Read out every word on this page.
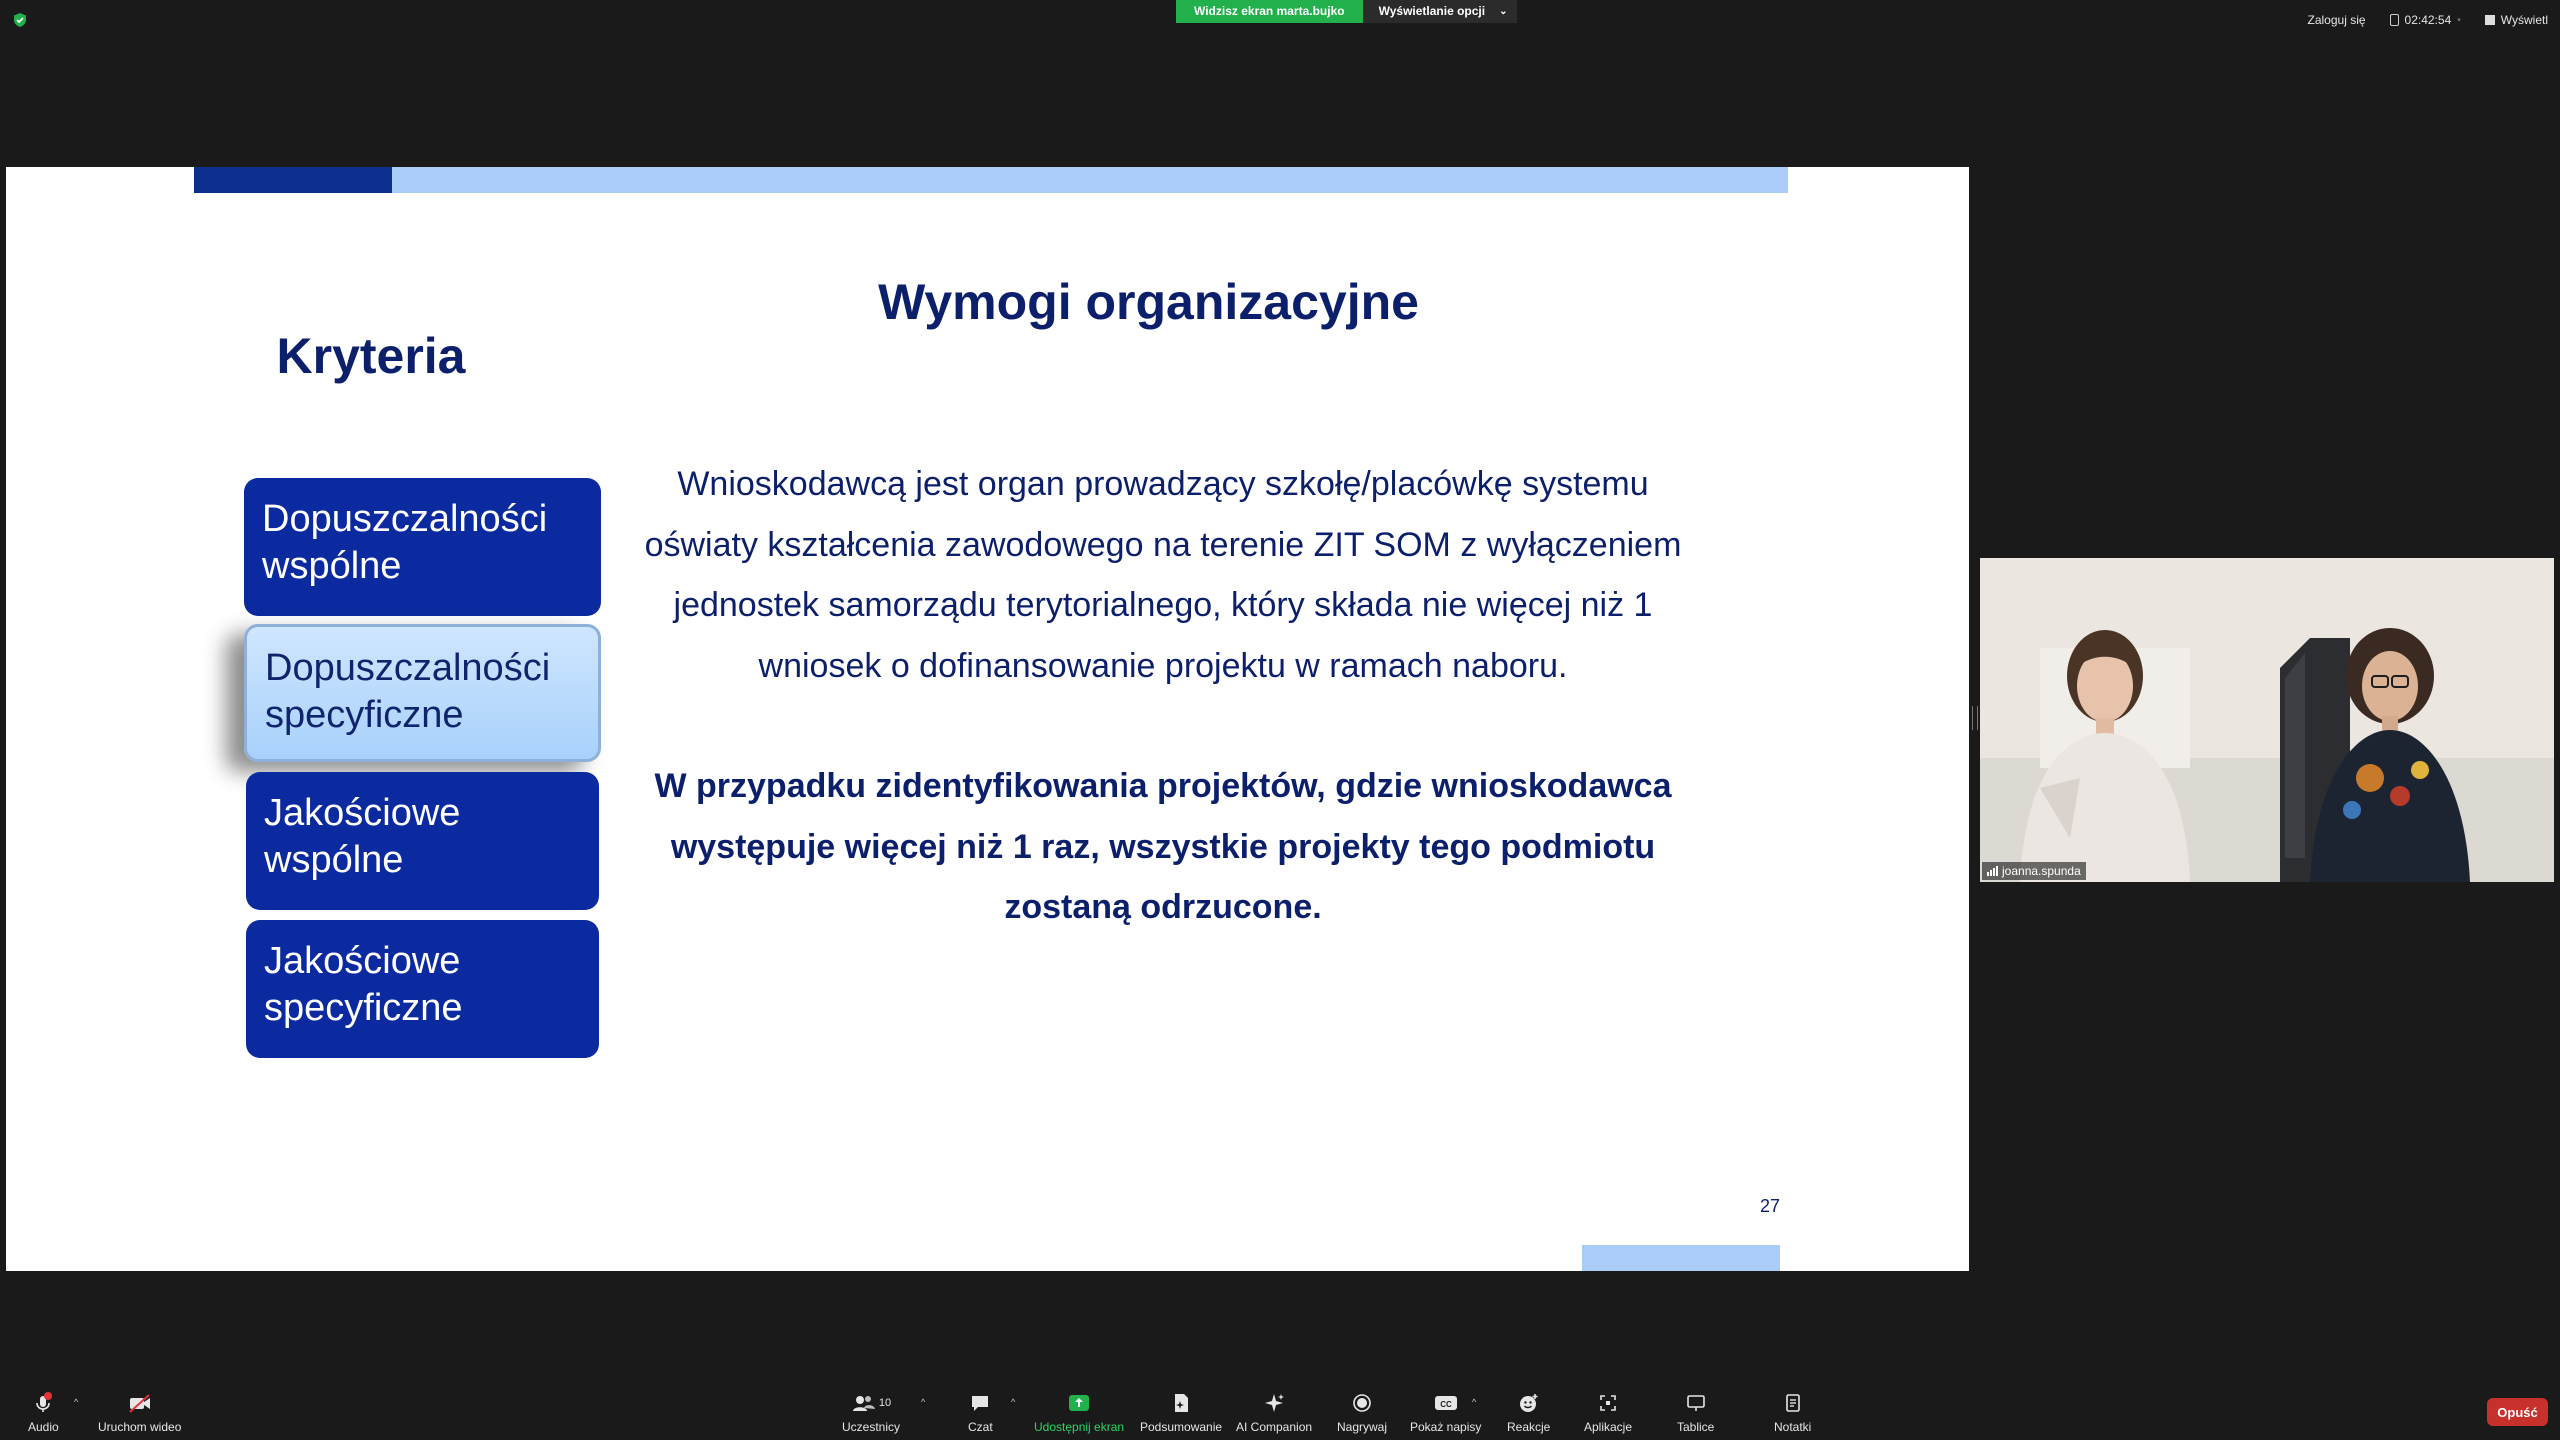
Widzisz ekran marta.bujko	Wyświetlanie opcji ⌄
Zaloguj się	02:42:54 •	Wyświetl
Wymogi organizacyjne
Kryteria
Dopuszczalności
wspólne
Dopuszczalności
specyficzne
Jakościowe
wspólne
Jakościowe
specyficzne
Wnioskodawcą jest organ prowadzący szkołę/placówkę systemu
oświaty kształcenia zawodowego na terenie ZIT SOM z wyłączeniem
jednostek samorządu terytorialnego, który składa nie więcej niż 1
wniosek o dofinansowanie projektu w ramach naboru.
W przypadku zidentyfikowania projektów, gdzie wnioskodawca
występuje więcej niż 1 raz, wszystkie projekty tego podmiotu
zostaną odrzucone.
27
joanna.spunda
Audio
^
Uruchom wideo
10
Uczestnicy
^
Czat
^
Udostępnij ekran Podsumowanie AI Companion Nagrywaj
CC
Pokaż napisy
^
Reakcje	Aplikacje	Tablice	Notatki
Opuść
